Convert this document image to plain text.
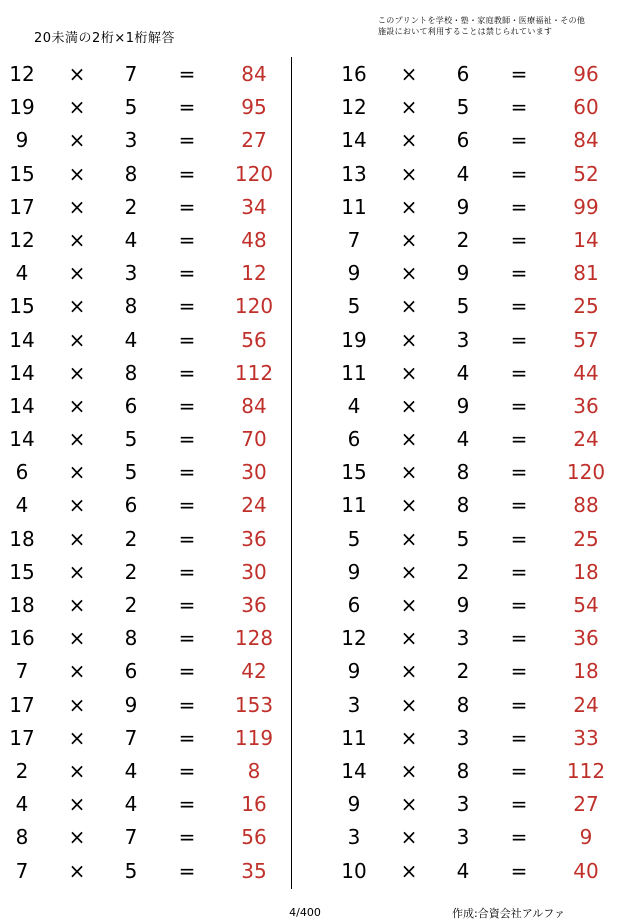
20未満の2桁×1桁解答
このプリントを学校・塾・家庭教師・医療福祉・その他
施設において利用することは禁じられています
12	×	7	=	84
19	×	5	=	95
9	×	3	=	27
15	×	8	=	120
17	×	2	=	34
12	×	4	=	48
4	×	3	=	12
15	×	8	=	120
14	×	4	=	56
14	×	8	=	112
14	×	6	=	84
14	×	5	=	70
6	×	5	=	30
4	×	6	=	24
18	×	2	=	36
15	×	2	=	30
18	×	2	=	36
16	×	8	=	128
7	×	6	=	42
17	×	9	=	153
17	×	7	=	119
2	×	4	=	8
4	×	4	=	16
8	×	7	=	56
7	×	5	=	35
16	×	6	=	96
12	×	5	=	60
14	×	6	=	84
13	×	4	=	52
11	×	9	=	99
7	×	2	=	14
9	×	9	=	81
5	×	5	=	25
19	×	3	=	57
11	×	4	=	44
4	×	9	=	36
6	×	4	=	24
15	×	8	=	120
11	×	8	=	88
5	×	5	=	25
9	×	2	=	18
6	×	9	=	54
12	×	3	=	36
9	×	2	=	18
3	×	8	=	24
11	×	3	=	33
14	×	8	=	112
9	×	3	=	27
3	×	3	=	9
10	×	4	=	40
4/400	作成:合資会社アルファ
